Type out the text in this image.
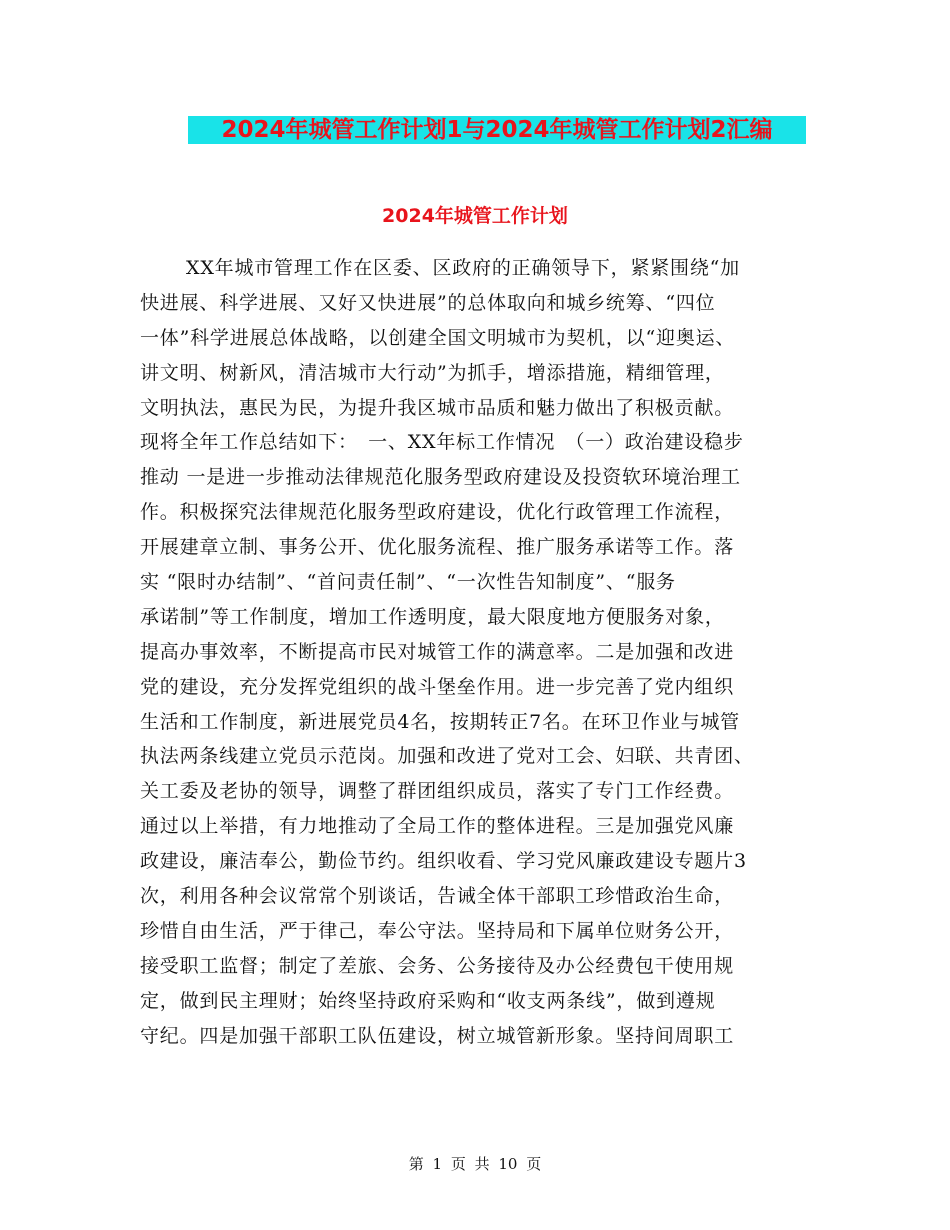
2024年城管工作计划1与2024年城管工作计划2汇编
2024年城管工作计划
XX年城市管理工作在区委、区政府的正确领导下，紧紧围绕“加
快进展、科学进展、又好又快进展”的总体取向和城乡统筹、“四位
一体”科学进展总体战略，以创建全国文明城市为契机，以“迎奥运、
讲文明、树新风，清洁城市大行动”为抓手，增添措施，精细管理，
文明执法，惠民为民，为提升我区城市品质和魅力做出了积极贡献。
现将全年工作总结如下：　一、XX年标工作情况　（一）政治建设稳步
推动 一是进一步推动法律规范化服务型政府建设及投资软环境治理工
作。积极探究法律规范化服务型政府建设，优化行政管理工作流程，
开展建章立制、事务公开、优化服务流程、推广服务承诺等工作。落
实 “限时办结制”、“首问责任制”、“一次性告知制度”、“服务
承诺制”等工作制度，增加工作透明度，最大限度地方便服务对象，
提高办事效率，不断提高市民对城管工作的满意率。二是加强和改进
党的建设，充分发挥党组织的战斗堡垒作用。进一步完善了党内组织
生活和工作制度，新进展党员4名，按期转正7名。在环卫作业与城管
执法两条线建立党员示范岗。加强和改进了党对工会、妇联、共青团、
关工委及老协的领导，调整了群团组织成员，落实了专门工作经费。
通过以上举措，有力地推动了全局工作的整体进程。三是加强党风廉
政建设，廉洁奉公，勤俭节约。组织收看、学习党风廉政建设专题片3
次，利用各种会议常常个别谈话，告诫全体干部职工珍惜政治生命，
珍惜自由生活，严于律己，奉公守法。坚持局和下属单位财务公开，
接受职工监督；制定了差旅、会务、公务接待及办公经费包干使用规
定，做到民主理财；始终坚持政府采购和“收支两条线”，做到遵规
守纪。四是加强干部职工队伍建设，树立城管新形象。坚持间周职工
第 1 页 共 10 页
